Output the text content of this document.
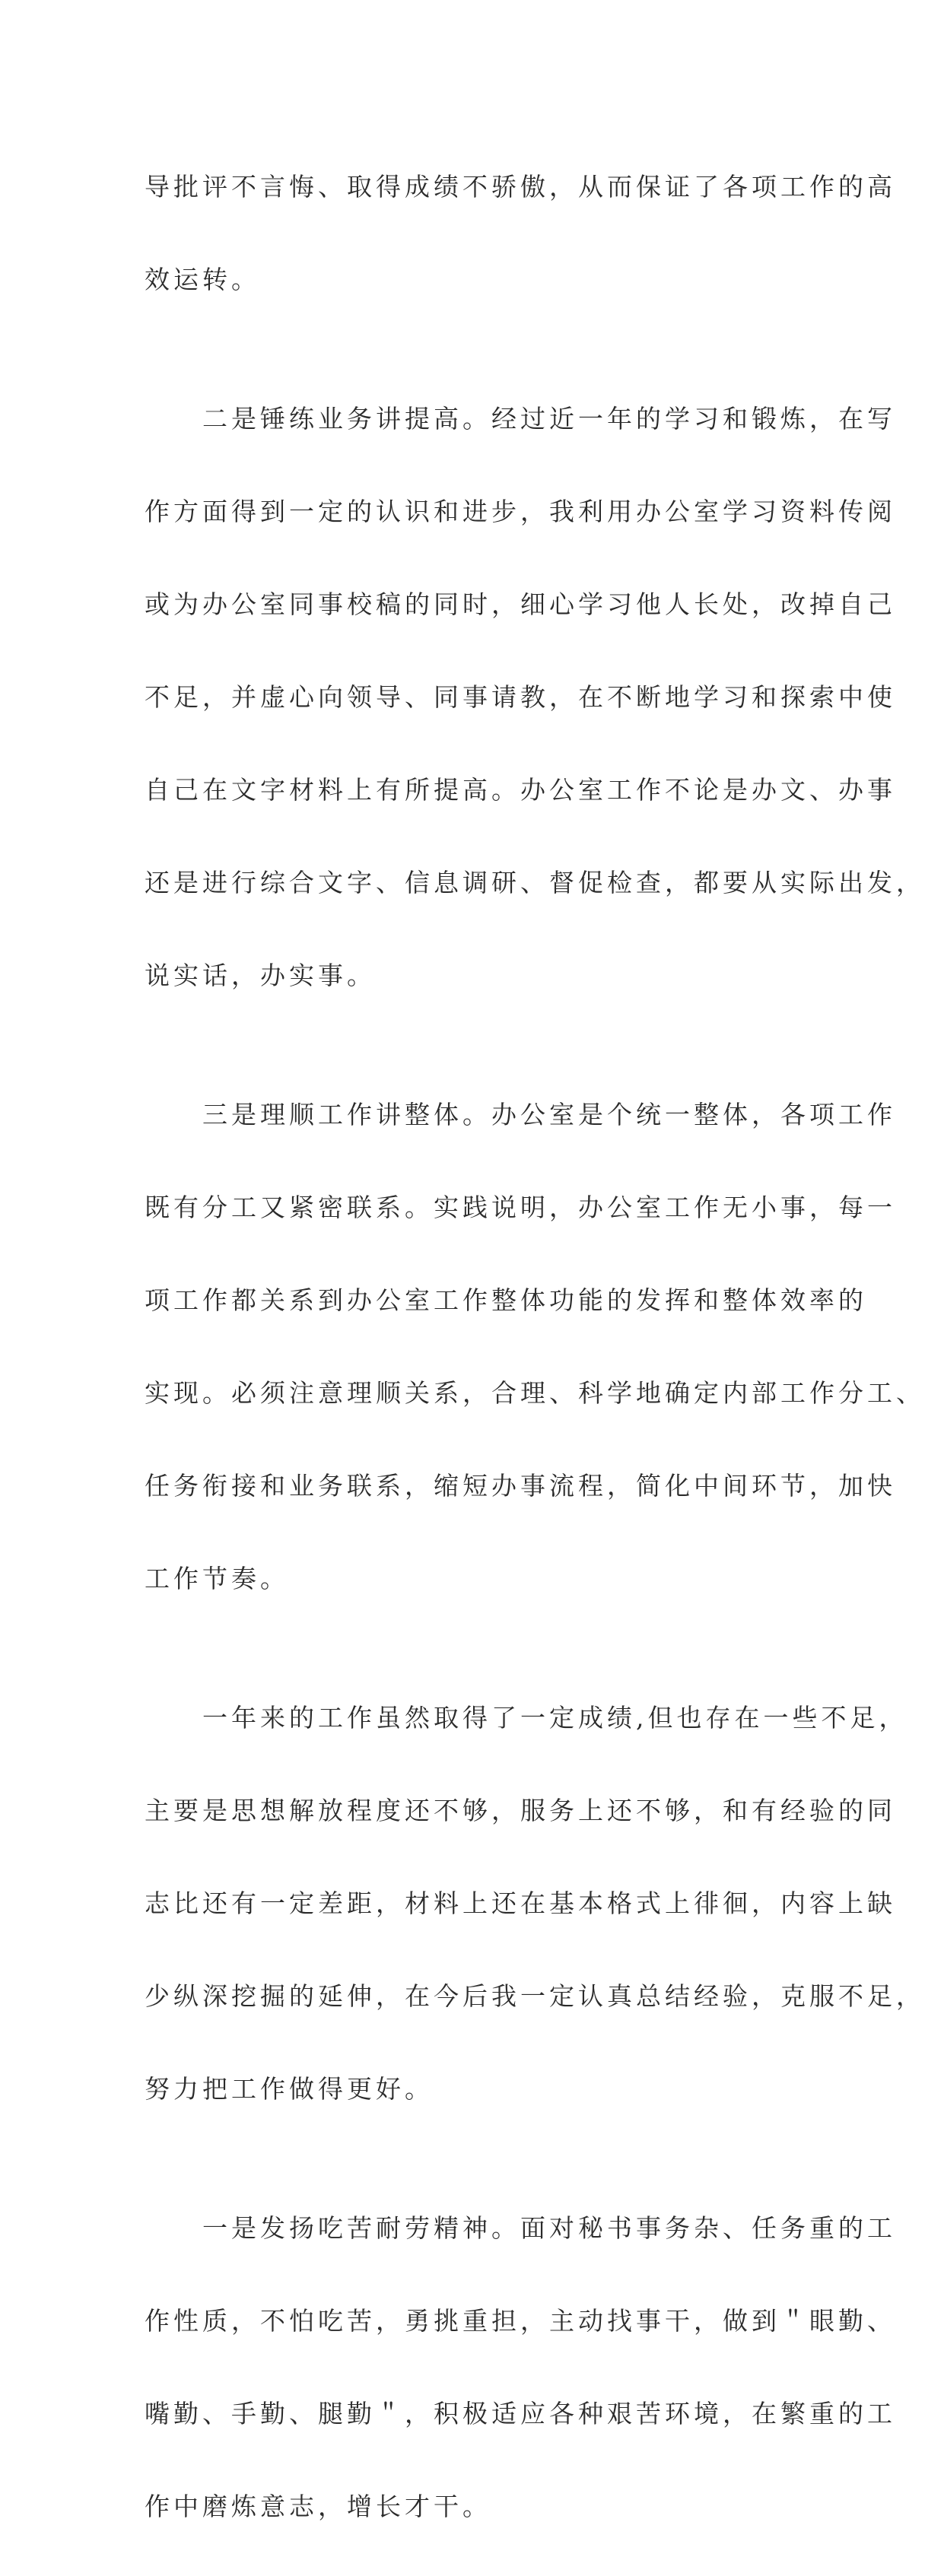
导批评不言悔、取得成绩不骄傲，从而保证了各项工作的高

效运转。

　　二是锤练业务讲提高。经过近一年的学习和锻炼，在写

作方面得到一定的认识和进步，我利用办公室学习资料传阅

或为办公室同事校稿的同时，细心学习他人长处，改掉自己

不足，并虚心向领导、同事请教，在不断地学习和探索中使

自己在文字材料上有所提高。办公室工作不论是办文、办事

还是进行综合文字、信息调研、督促检查，都要从实际出发，

说实话，办实事。

　　三是理顺工作讲整体。办公室是个统一整体，各项工作

既有分工又紧密联系。实践说明，办公室工作无小事，每一

项工作都关系到办公室工作整体功能的发挥和整体效率的

实现。必须注意理顺关系，合理、科学地确定内部工作分工、

任务衔接和业务联系，缩短办事流程，简化中间环节，加快

工作节奏。

　　一年来的工作虽然取得了一定成绩,但也存在一些不足，

主要是思想解放程度还不够，服务上还不够，和有经验的同

志比还有一定差距，材料上还在基本格式上徘徊，内容上缺

少纵深挖掘的延伸，在今后我一定认真总结经验，克服不足，

努力把工作做得更好。

　　一是发扬吃苦耐劳精神。面对秘书事务杂、任务重的工

作性质，不怕吃苦，勇挑重担，主动找事干，做到＂眼勤、

嘴勤、手勤、腿勤＂，积极适应各种艰苦环境，在繁重的工

作中磨炼意志，增长才干。
